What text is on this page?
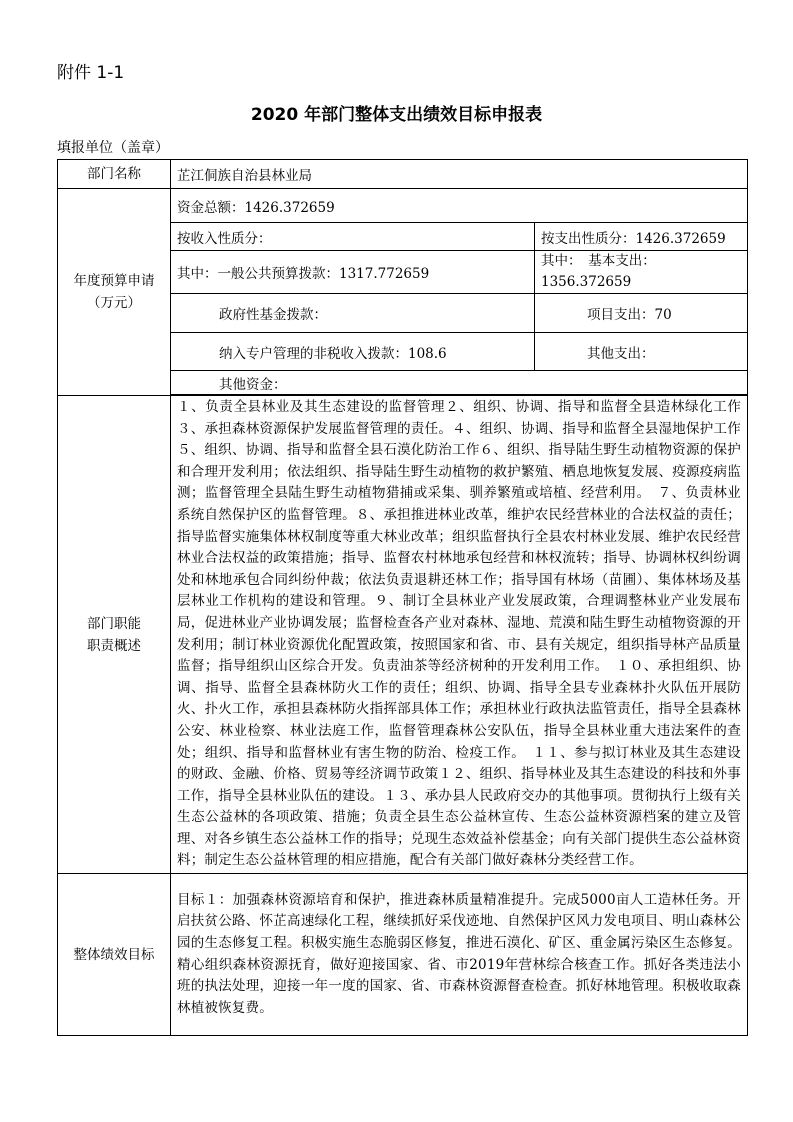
附件 1-1
2020 年部门整体支出绩效目标申报表
填报单位（盖章）
部门名称	芷江侗族自治县林业局	

年度预算申请
（万元）	资金总额：1426.372659	
	按收入性质分：	按支出性质分：1426.372659
	其中：一般公共预算拨款：1317.772659	其中：　基本支出：
1356.372659

	政府性基金拨款：	项目支出：70
	纳入专户管理的非税收入拨款：108.6	其他支出：
	其他资金：	

部门职能
职责概述	１、负责全县林业及其生态建设的监督管理２、组织、协调、指导和监督全县造林绿化工作３、承担森林资源保护发展监督管理的责任。４、组织、协调、指导和监督全县湿地保护工作５、组织、协调、指导和监督全县石漠化防治工作６、组织、指导陆生野生动植物资源的保护和合理开发利用；依法组织、指导陆生野生动植物的救护繁殖、栖息地恢复发展、疫源疫病监测；监督管理全县陆生野生动植物猎捕或采集、驯养繁殖或培植、经营利用。　７、负责林业系统自然保护区的监督管理。８、承担推进林业改革，维护农民经营林业的合法权益的责任；指导监督实施集体林权制度等重大林业改革；组织监督执行全县农村林业发展、维护农民经营林业合法权益的政策措施；指导、监督农村林地承包经营和林权流转；指导、协调林权纠纷调处和林地承包合同纠纷仲裁；依法负责退耕还林工作；指导国有林场（苗圃）、集体林场及基层林业工作机构的建设和管理。９、制订全县林业产业发展政策，合理调整林业产业发展布局，促进林业产业协调发展；监督检查各产业对森林、湿地、荒漠和陆生野生动植物资源的开发利用；制订林业资源优化配置政策，按照国家和省、市、县有关规定，组织指导林产品质量监督；指导组织山区综合开发。负责油茶等经济树种的开发利用工作。　１０、承担组织、协调、指导、监督全县森林防火工作的责任；组织、协调、指导全县专业森林扑火队伍开展防火、扑火工作，承担县森林防火指挥部具体工作；承担林业行政执法监管责任，指导全县森林公安、林业检察、林业法庭工作，监督管理森林公安队伍，指导全县林业重大违法案件的查处；组织、指导和监督林业有害生物的防治、检疫工作。　１１、参与拟订林业及其生态建设的财政、金融、价格、贸易等经济调节政策１２、组织、指导林业及其生态建设的科技和外事工作，指导全县林业队伍的建设。１３、承办县人民政府交办的其他事项。贯彻执行上级有关生态公益林的各项政策、措施；负责全县生态公益林宣传、生态公益林资源档案的建立及管理、对各乡镇生态公益林工作的指导；兑现生态效益补偿基金；向有关部门提供生态公益林资料；制定生态公益林管理的相应措施，配合有关部门做好森林分类经营工作。	
整体绩效目标	目标１：加强森林资源培育和保护，推进森林质量精准提升。完成5000亩人工造林任务。开启扶贫公路、怀芷高速绿化工程，继续抓好采伐迹地、自然保护区风力发电项目、明山森林公园的生态修复工程。积极实施生态脆弱区修复，推进石漠化、矿区、重金属污染区生态修复。精心组织森林资源抚育，做好迎接国家、省、市2019年营林综合核查工作。抓好各类违法小班的执法处理，迎接一年一度的国家、省、市森林资源督查检查。抓好林地管理。积极收取森林植被恢复费。	
